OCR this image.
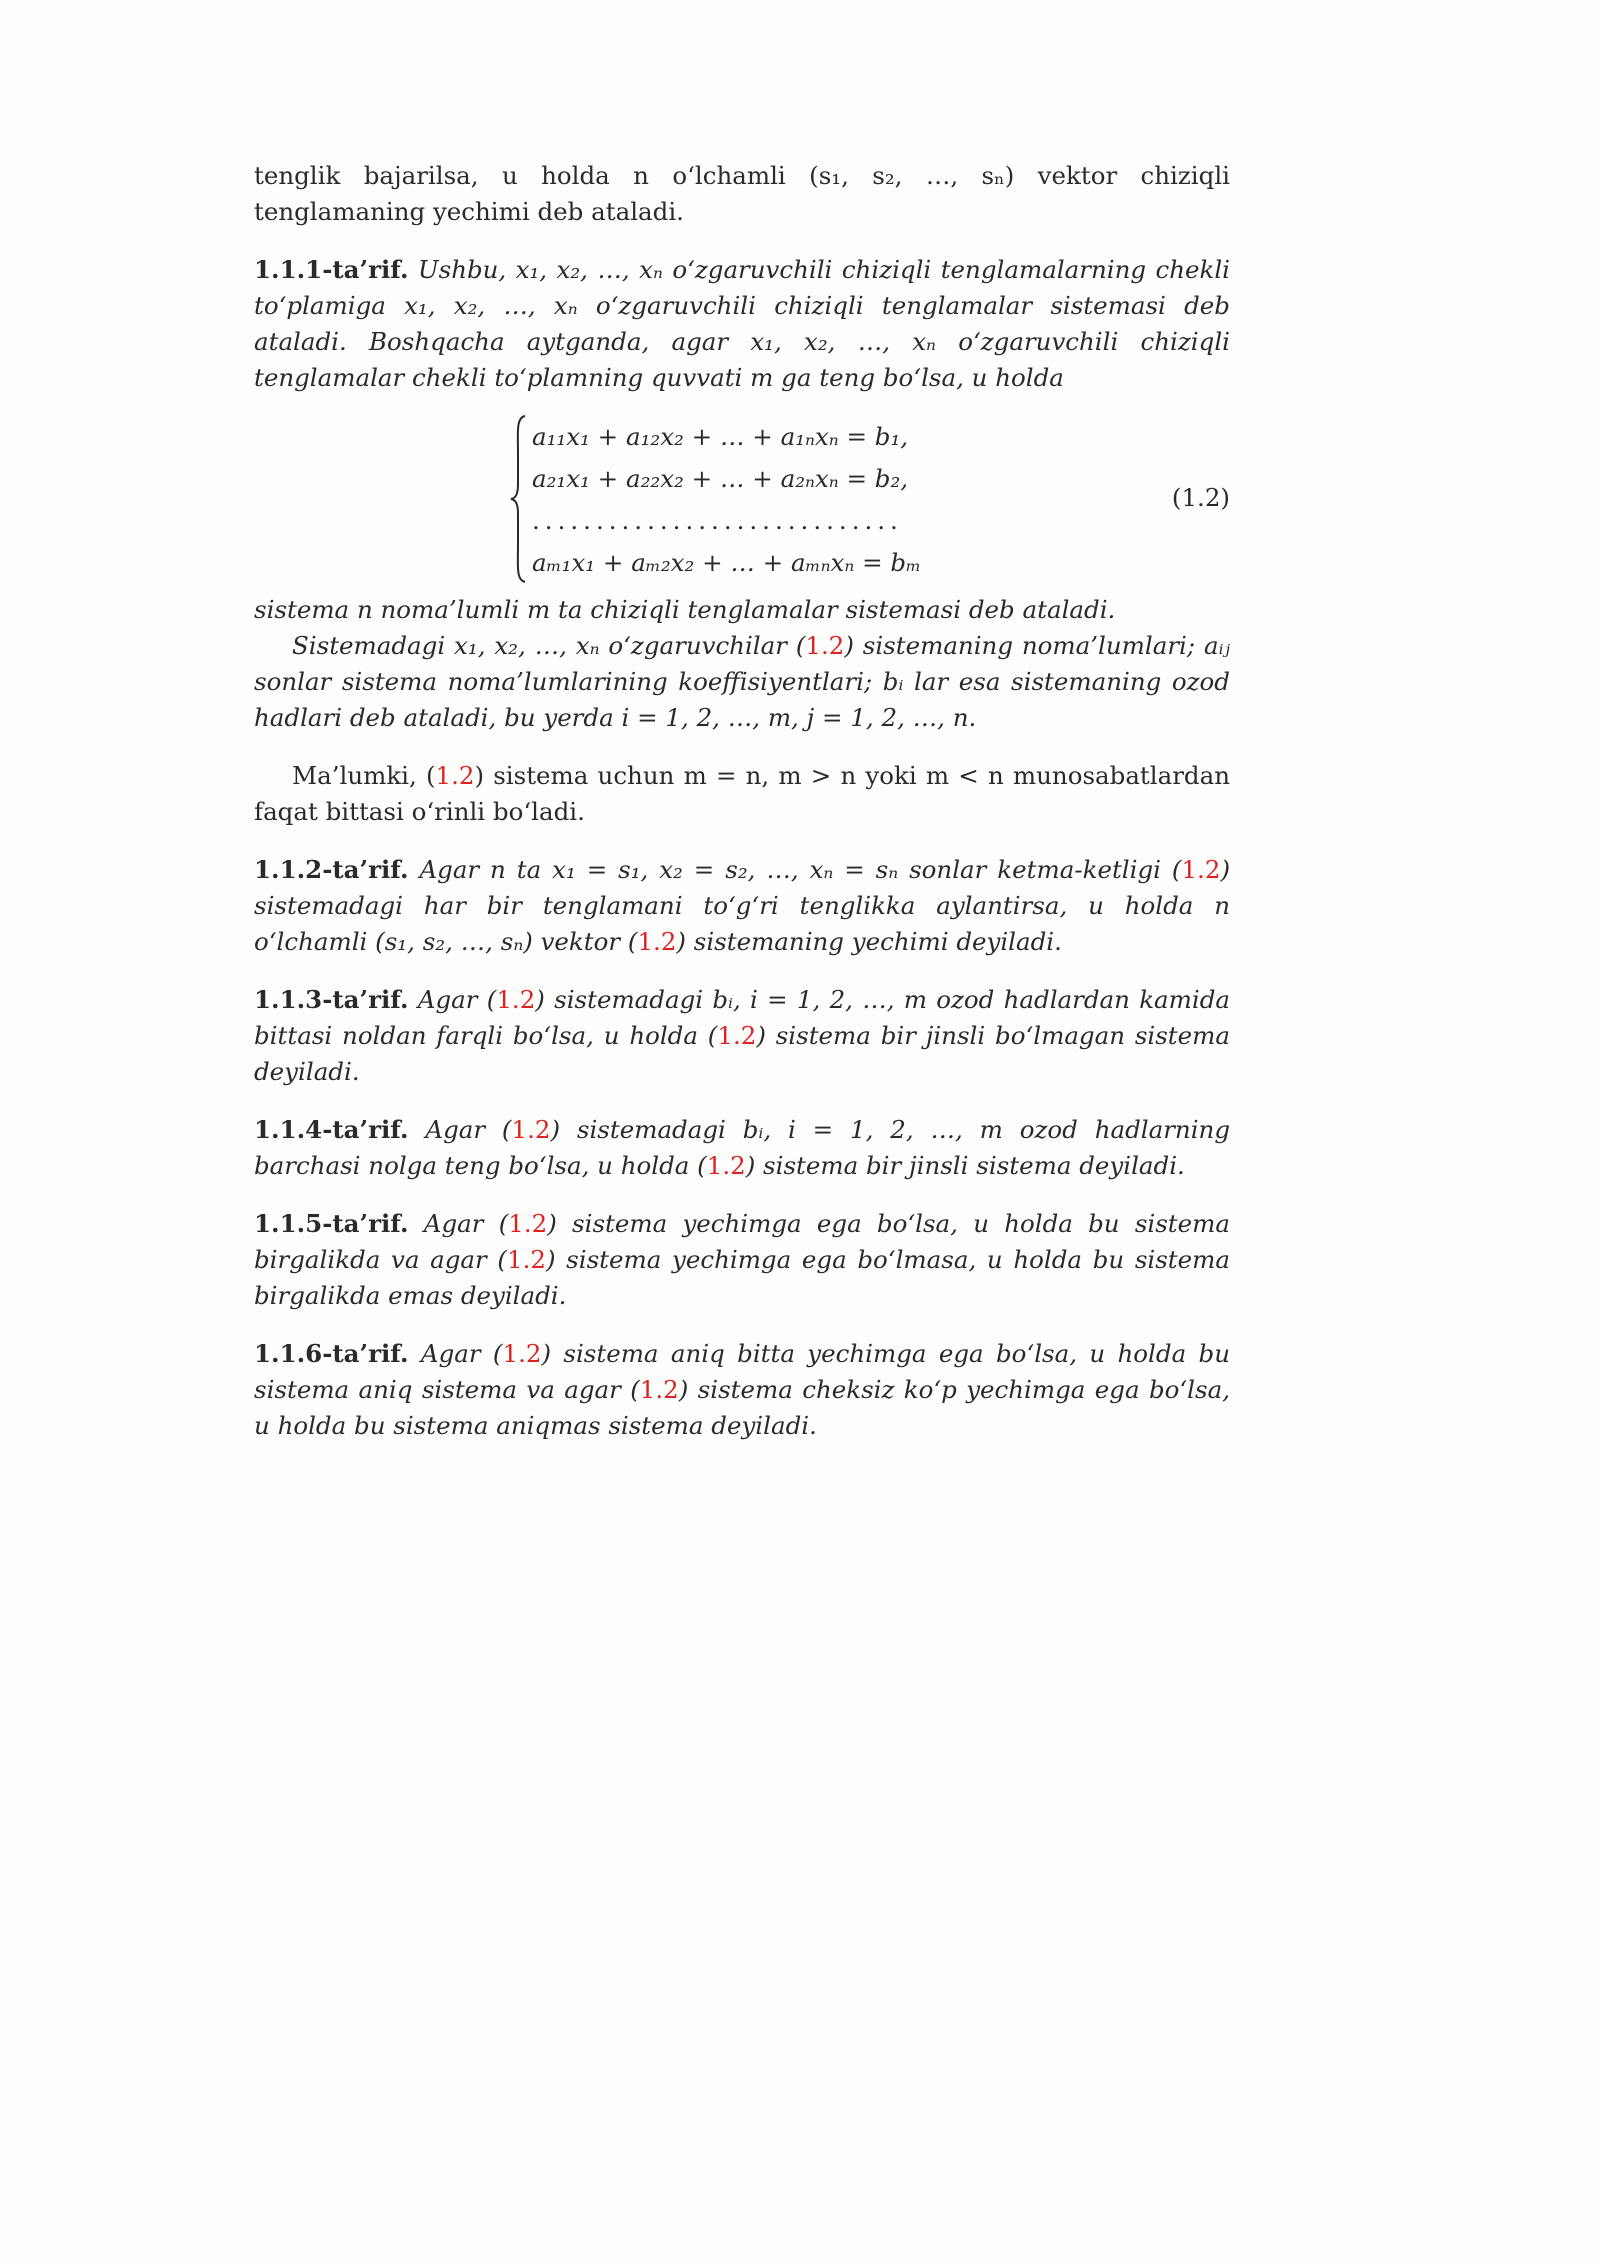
tenglik bajarilsa, u holda n o‘lchamli (s₁, s₂, …, sₙ) vektor chiziqli tenglamaning yechimi deb ataladi.

1.1.1-ta’rif. Ushbu, x₁, x₂, …, xₙ o‘zgaruvchili chiziqli tenglamalarning chekli to‘plamiga x₁, x₂, …, xₙ o‘zgaruvchili chiziqli tenglamalar sistemasi deb ataladi. Boshqacha aytganda, agar x₁, x₂, …, xₙ o‘zgaruvchili chiziqli tenglamalar chekli to‘plamning quvvati m ga teng bo‘lsa, u holda

a₁₁x₁ + a₁₂x₂ + … + a₁ₙxₙ = b₁,
a₂₁x₁ + a₂₂x₂ + … + a₂ₙxₙ = b₂,
.............................
aₘ₁x₁ + aₘ₂x₂ + … + aₘₙxₙ = bₘ
(1.2)

sistema n noma’lumli m ta chiziqli tenglamalar sistemasi deb ataladi.

Sistemadagi x₁, x₂, …, xₙ o‘zgaruvchilar (1.2) sistemaning noma’lumlari; aᵢⱼ sonlar sistema noma’lumlarining koeffisiyentlari; bᵢ lar esa sistemaning ozod hadlari deb ataladi, bu yerda i = 1, 2, …, m, j = 1, 2, …, n.

Ma’lumki, (1.2) sistema uchun m = n, m > n yoki m < n munosabatlardan faqat bittasi o‘rinli bo‘ladi.

1.1.2-ta’rif. Agar n ta x₁ = s₁, x₂ = s₂, …, xₙ = sₙ sonlar ketma-ketligi (1.2) sistemadagi har bir tenglamani to‘g‘ri tenglikka aylantirsa, u holda n o‘lchamli (s₁, s₂, …, sₙ) vektor (1.2) sistemaning yechimi deyiladi.

1.1.3-ta’rif. Agar (1.2) sistemadagi bᵢ, i = 1, 2, …, m ozod hadlardan kamida bittasi noldan farqli bo‘lsa, u holda (1.2) sistema bir jinsli bo‘lmagan sistema deyiladi.

1.1.4-ta’rif. Agar (1.2) sistemadagi bᵢ, i = 1, 2, …, m ozod hadlarning barchasi nolga teng bo‘lsa, u holda (1.2) sistema bir jinsli sistema deyiladi.

1.1.5-ta’rif. Agar (1.2) sistema yechimga ega bo‘lsa, u holda bu sistema birgalikda va agar (1.2) sistema yechimga ega bo‘lmasa, u holda bu sistema birgalikda emas deyiladi.

1.1.6-ta’rif. Agar (1.2) sistema aniq bitta yechimga ega bo‘lsa, u holda bu sistema aniq sistema va agar (1.2) sistema cheksiz ko‘p yechimga ega bo‘lsa, u holda bu sistema aniqmas sistema deyiladi.
